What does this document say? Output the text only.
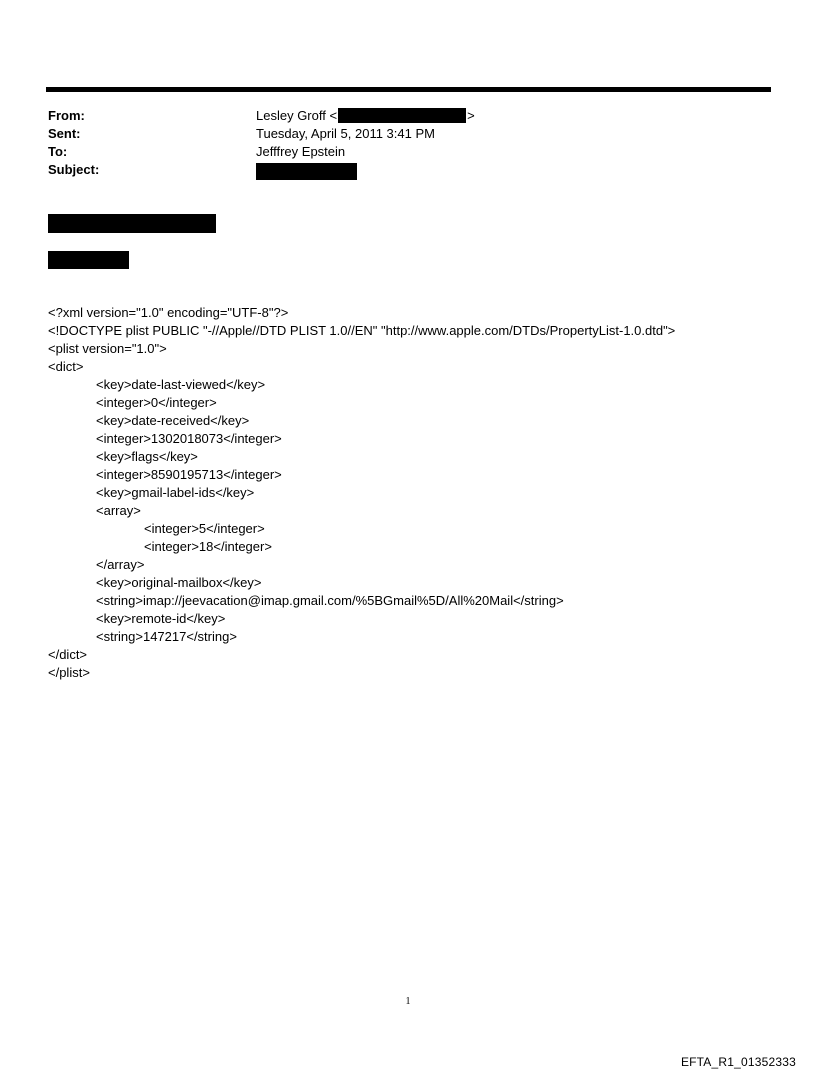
From:	Lesley Groff <	>
Sent:	Tuesday, April 5, 2011 3:41 PM
To:	Jefffrey Epstein
Subject:
<?xml version="1.0" encoding="UTF-8"?>
<!DOCTYPE plist PUBLIC "-//Apple//DTD PLIST 1.0//EN" "http://www.apple.com/DTDs/PropertyList-1.0.dtd">
<plist version="1.0">
<dict>
<key>date-last-viewed</key>
<integer>0</integer>
<key>date-received</key>
<integer>1302018073</integer>
<key>flags</key>
<integer>8590195713</integer>
<key>gmail-label-ids</key>
<array>
<integer>5</integer>
<integer>18</integer>
</array>
<key>original-mailbox</key>
<string>imap://jeevacation@imap.gmail.com/%5BGmail%5D/All%20Mail</string>
<key>remote-id</key>
<string>147217</string>
</dict>
</plist>
1
EFTA_R1_01352333
